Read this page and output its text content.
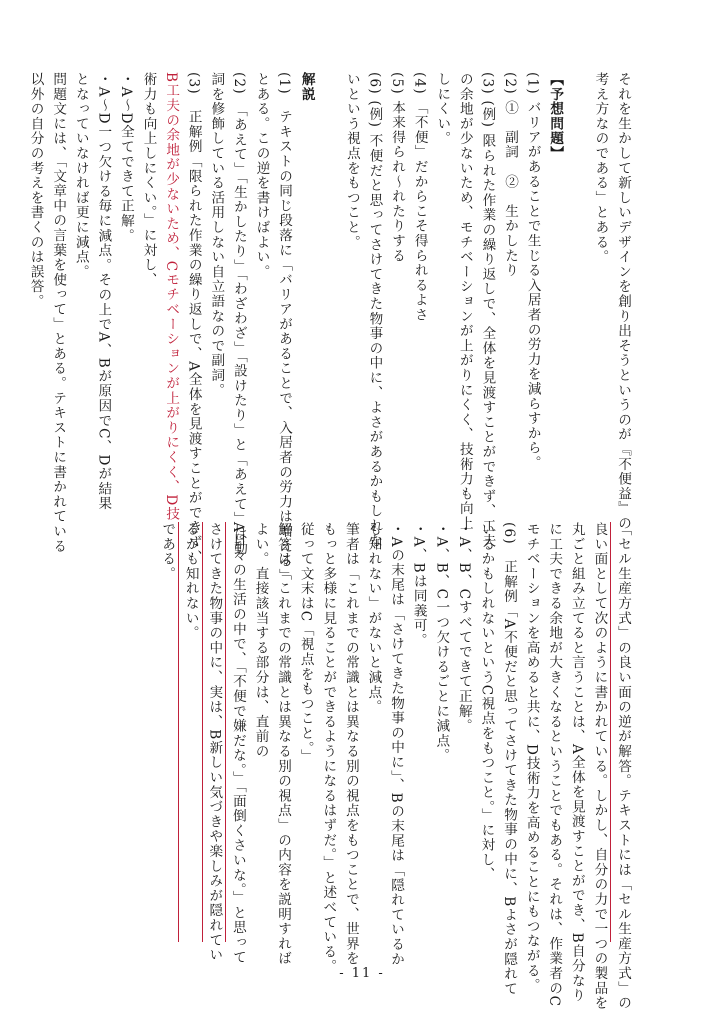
それを生かして新しいデザインを創り出そうというのが『不便益』の
考え方なのである」とある。
【予想問題】
(1) バリアがあることで生じる入居者の労力を減らすから。
(2) ①　副詞　②　生かしたり
(3) (例) 限られた作業の繰り返しで、全体を見渡すことができず、工夫
の余地が少ないため、モチベーションが上がりにくく、技術力も向上
しにくい。
(4) 「不便」だからこそ得られるよさ
(5) 本来得られ～れたりする
(6) (例) 不便だと思ってさけてきた物事の中に、よさがあるかもしれな
いという視点をもつこと。
解説
(1)　テキストの同じ段落に「バリアがあることで、入居者の労力は増える」
とある。この逆を書けばよい。
(2)　「あえて」「生かしたり」「わざわざ」「設けたり」と「あえて」は動
詞を修飾している活用しない自立語なので副詞。
(3)　正解例「限られた作業の繰り返しで、A全体を見渡すことができず、
B工夫の余地が少ないため、Cモチベーションが上がりにくく、D技
術力も向上しにくい。」に対し、
・A～D全てできて正解。
・A～D一つ欠ける毎に減点。その上でA、Bが原因でC、Dが結果
となっていなければ更に減点。
問題文には、「文章中の言葉を使って」とある。テキストに書かれている
以外の自分の考えを書くのは誤答。
「セル生産方式」の良い面の逆が解答。テキストには「セル生産方式」の
良い面として次のように書かれている。しかし、自分の力で一つの製品を
丸ごと組み立てると言うことは、A全体を見渡すことができ、B自分なり
に工夫できる余地が大きくなるということでもある。それは、作業者のC
モチベーションを高めると共に、D技術力を高めることにもつながる。
(6)　正解例「A不便だと思ってさけてきた物事の中に、Bよさが隠れて
いるかもしれないというC視点をもつこと。」に対し、
・A、B、Cすべてできて正解。
・A、B、C一つ欠けるごとに減点。
・A、Bは同義可。
・Aの末尾は「さけてきた物事の中に」、Bの末尾は「隠れているか
も知れない」がないと減点。
筆者は「これまでの常識とは異なる別の視点をもつことで、世界を
もっと多様に見ることができるようになるはずだ。」と述べている。
従って文末はC「視点をもつこと。」
解答は「これまでの常識とは異なる別の視点」の内容を説明すれば
よい。直接該当する部分は、直前の
A日々の生活の中で、「不便で嫌だな。」「面倒くさいな。」と思って
さけてきた物事の中に、実は、B新しい気づきや楽しみが隠れてい
るかも知れない。
である。
- 11 -
